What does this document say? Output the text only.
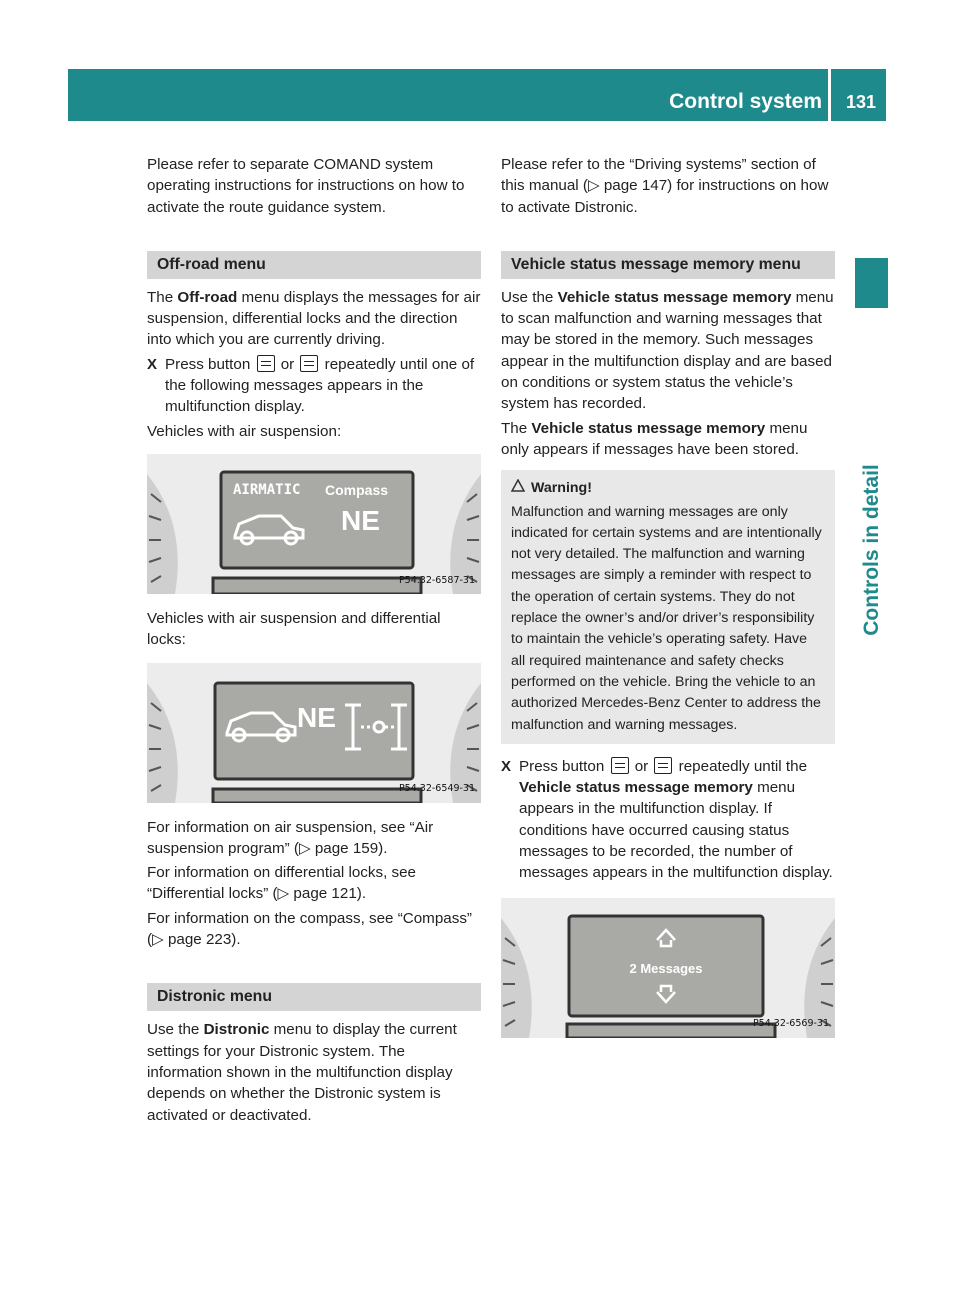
Control system	131
Controls in detail

Please refer to separate COMAND system operating instructions for instructions on how to activate the route guidance system.

Off-road menu

The Off-road menu displays the messages for air suspension, differential locks and the direction into which you are currently driving.

X Press button  or  repeatedly until one of the following messages appears in the multifunction display.

Vehicles with air suspension:

AIRMATIC Compass
NE
P54.32-6587-31

Vehicles with air suspension and differential locks:

NE
P54.32-6549-31

For information on air suspension, see “Air suspension program” (▷ page 159).

For information on differential locks, see “Differential locks” (▷ page 121).

For information on the compass, see “Compass” (▷ page 223).

Distronic menu

Use the Distronic menu to display the current settings for your Distronic system. The information shown in the multifunction display depends on whether the Distronic system is activated or deactivated.

Please refer to the “Driving systems” section of this manual (▷ page 147) for instructions on how to activate Distronic.

Vehicle status message memory menu

Use the Vehicle status message memory menu to scan malfunction and warning messages that may be stored in the memory. Such messages appear in the multifunction display and are based on conditions or system status the vehicle’s system has recorded.

The Vehicle status message memory menu only appears if messages have been stored.

Warning!
Malfunction and warning messages are only indicated for certain systems and are intentionally not very detailed. The malfunction and warning messages are simply a reminder with respect to the operation of certain systems. They do not replace the owner’s and/or driver’s responsibility to maintain the vehicle’s operating safety. Have all required maintenance and safety checks performed on the vehicle. Bring the vehicle to an authorized Mercedes-Benz Center to address the malfunction and warning messages.
X Press button  or  repeatedly until the Vehicle status message memory menu appears in the multifunction display. If conditions have occurred causing status messages to be recorded, the number of messages appears in the multifunction display.
2 Messages
P54.32-6569-31
